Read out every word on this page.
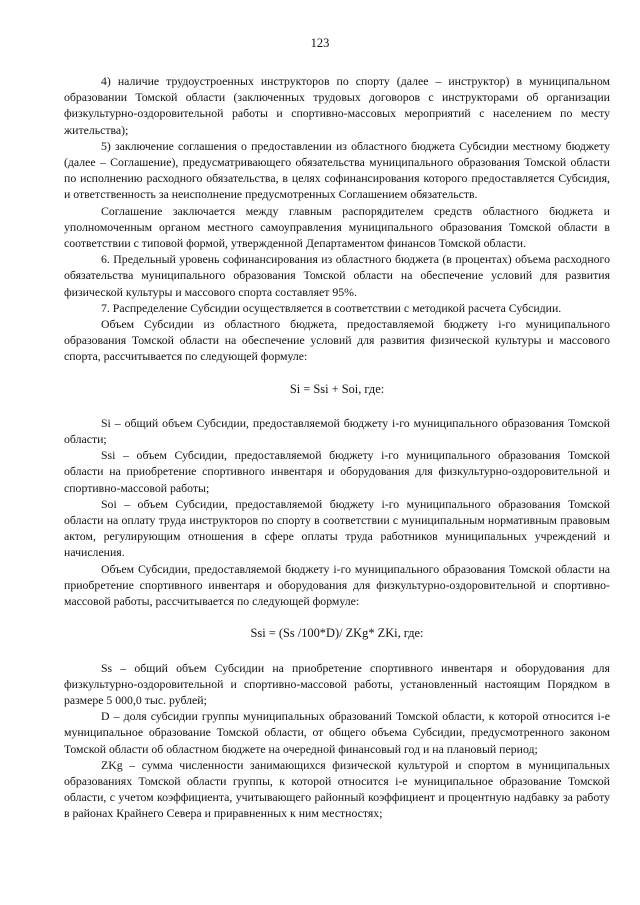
123

4) наличие трудоустроенных инструкторов по спорту (далее – инструктор) в муниципальном образовании Томской области (заключенных трудовых договоров с инструкторами об организации физкультурно-оздоровительной работы и спортивно-массовых мероприятий с населением по месту жительства);

5) заключение соглашения о предоставлении из областного бюджета Субсидии местному бюджету (далее – Соглашение), предусматривающего обязательства муниципального образования Томской области по исполнению расходного обязательства, в целях софинансирования которого предоставляется Субсидия, и ответственность за неисполнение предусмотренных Соглашением обязательств.

Соглашение заключается между главным распорядителем средств областного бюджета и уполномоченным органом местного самоуправления муниципального образования Томской области в соответствии с типовой формой, утвержденной Департаментом финансов Томской области.

6. Предельный уровень софинансирования из областного бюджета (в процентах) объема расходного обязательства муниципального образования Томской области на обеспечение условий для развития физической культуры и массового спорта составляет 95%.

7. Распределение Субсидии осуществляется в соответствии с методикой расчета Субсидии.

Объем Субсидии из областного бюджета, предоставляемой бюджету i-го муниципального образования Томской области на обеспечение условий для развития физической культуры и массового спорта, рассчитывается по следующей формуле:

Si = Ssi + Soi, где:

Si – общий объем Субсидии, предоставляемой бюджету i-го муниципального образования Томской области;

Ssi – объем Субсидии, предоставляемой бюджету i-го муниципального образования Томской области на приобретение спортивного инвентаря и оборудования для физкультурно-оздоровительной и спортивно-массовой работы;

Soi – объем Субсидии, предоставляемой бюджету i-го муниципального образования Томской области на оплату труда инструкторов по спорту в соответствии с муниципальным нормативным правовым актом, регулирующим отношения в сфере оплаты труда работников муниципальных учреждений и начисления.

Объем Субсидии, предоставляемой бюджету i-го муниципального образования Томской области на приобретение спортивного инвентаря и оборудования для физкультурно-оздоровительной и спортивно-массовой работы, рассчитывается по следующей формуле:

Ssi = (Ss /100*D)/ ZKg* ZKi, где:

Ss – общий объем Субсидии на приобретение спортивного инвентаря и оборудования для физкультурно-оздоровительной и спортивно-массовой работы, установленный настоящим Порядком в размере 5 000,0 тыс. рублей;

D – доля субсидии группы муниципальных образований Томской области, к которой относится i-е муниципальное образование Томской области, от общего объема Субсидии, предусмотренного законом Томской области об областном бюджете на очередной финансовый год и на плановый период;

ZKg – сумма численности занимающихся физической культурой и спортом в муниципальных образованиях Томской области группы, к которой относится i-е муниципальное образование Томской области, с учетом коэффициента, учитывающего районный коэффициент и процентную надбавку за работу в районах Крайнего Севера и приравненных к ним местностях;
